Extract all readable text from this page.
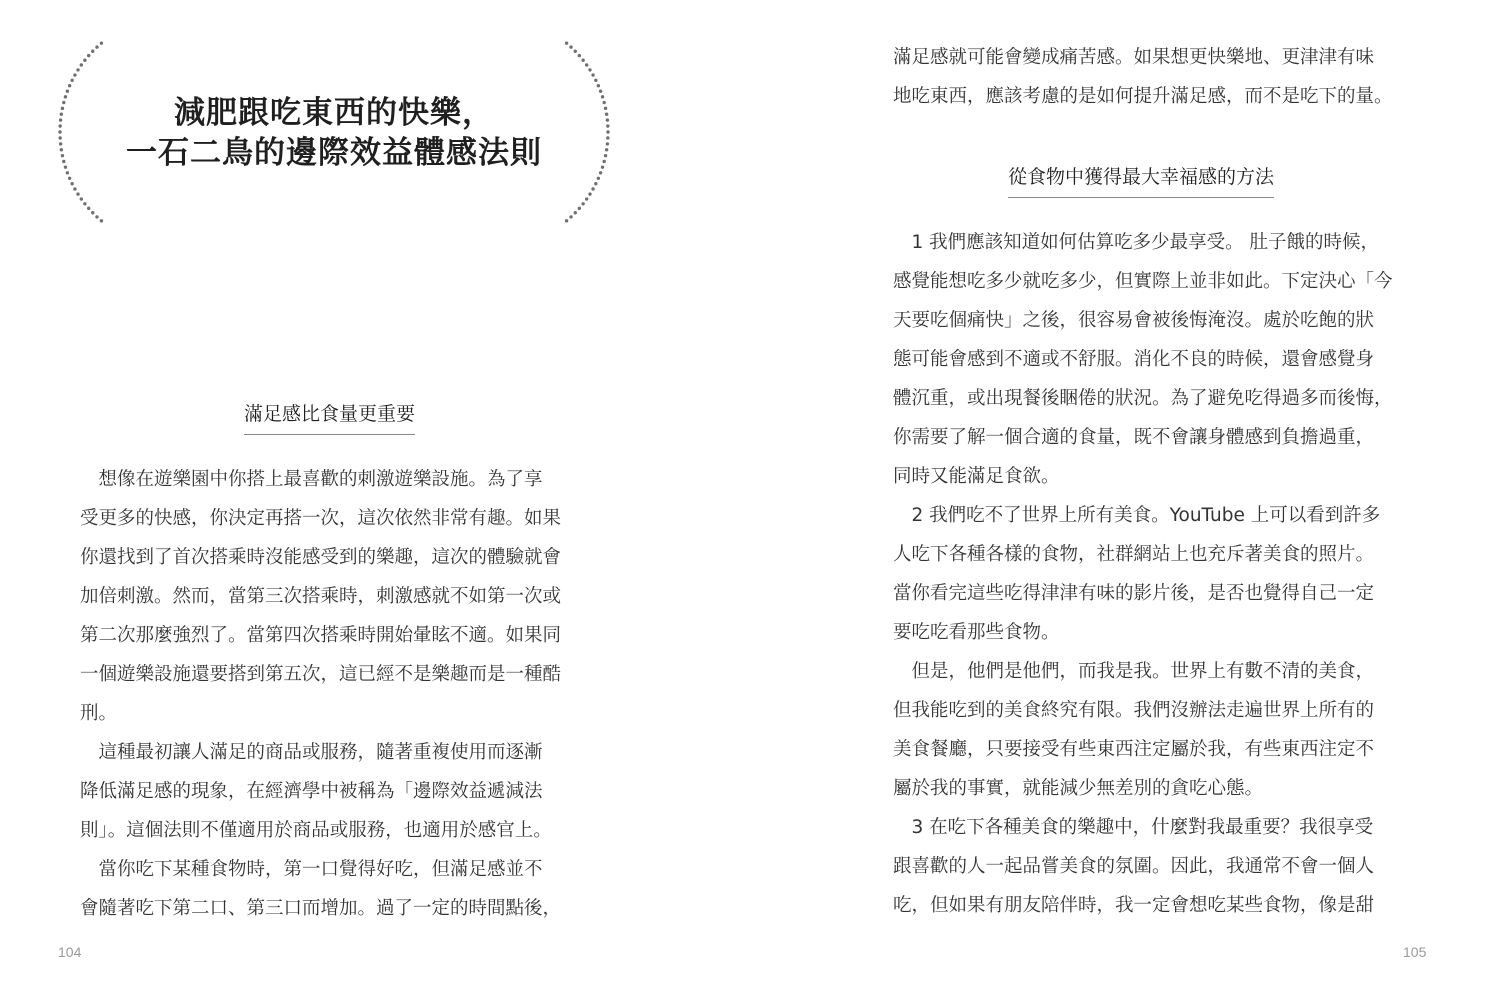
減肥跟吃東西的快樂，
一石二鳥的邊際效益體感法則
滿足感比食量更重要
　想像在遊樂園中你搭上最喜歡的刺激遊樂設施。為了享
受更多的快感，你決定再搭一次，這次依然非常有趣。如果
你還找到了首次搭乘時沒能感受到的樂趣，這次的體驗就會
加倍刺激。然而，當第三次搭乘時，刺激感就不如第一次或
第二次那麼強烈了。當第四次搭乘時開始暈眩不適。如果同
一個遊樂設施還要搭到第五次，這已經不是樂趣而是一種酷
刑。
　這種最初讓人滿足的商品或服務，隨著重複使用而逐漸
降低滿足感的現象，在經濟學中被稱為「邊際效益遞減法
則」。這個法則不僅適用於商品或服務，也適用於感官上。
　當你吃下某種食物時，第一口覺得好吃，但滿足感並不
會隨著吃下第二口、第三口而增加。過了一定的時間點後，
104
滿足感就可能會變成痛苦感。如果想更快樂地、更津津有味
地吃東西，應該考慮的是如何提升滿足感，而不是吃下的量。
　1 我們應該知道如何估算吃多少最享受。 肚子餓的時候，
感覺能想吃多少就吃多少，但實際上並非如此。下定決心「今
天要吃個痛快」之後，很容易會被後悔淹沒。處於吃飽的狀
態可能會感到不適或不舒服。消化不良的時候，還會感覺身
體沉重，或出現餐後睏倦的狀況。為了避免吃得過多而後悔，
你需要了解一個合適的食量，既不會讓身體感到負擔過重，
同時又能滿足食欲。
　2 我們吃不了世界上所有美食。YouTube 上可以看到許多
人吃下各種各樣的食物，社群網站上也充斥著美食的照片。
當你看完這些吃得津津有味的影片後，是否也覺得自己一定
要吃吃看那些食物。
　但是，他們是他們，而我是我。世界上有數不清的美食，
但我能吃到的美食終究有限。我們沒辦法走遍世界上所有的
美食餐廳，只要接受有些東西注定屬於我，有些東西注定不
屬於我的事實，就能減少無差別的貪吃心態。
　3 在吃下各種美食的樂趣中，什麼對我最重要？我很享受
跟喜歡的人一起品嘗美食的氛圍。因此，我通常不會一個人
吃，但如果有朋友陪伴時，我一定會想吃某些食物，像是甜
從食物中獲得最大幸福感的方法
105
